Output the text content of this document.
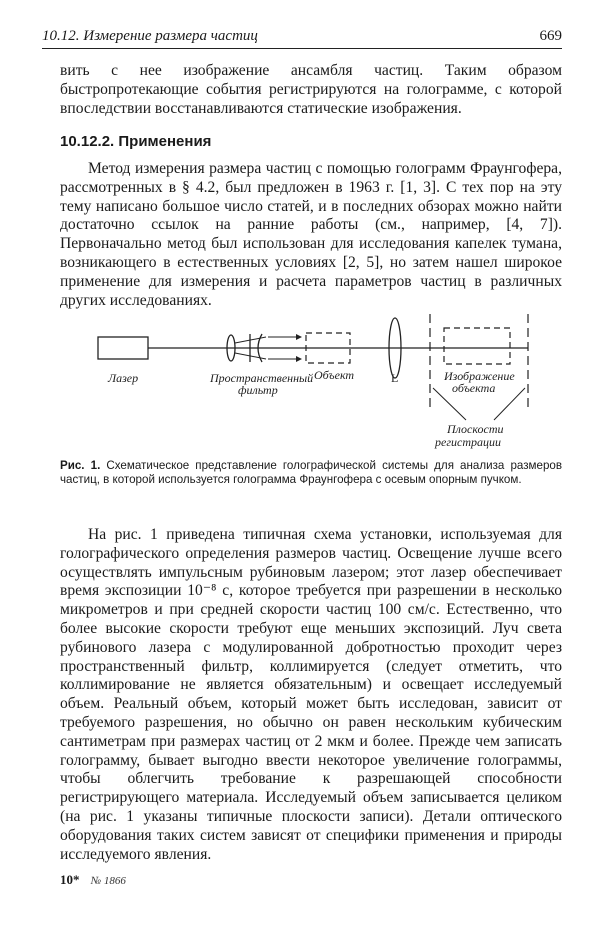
10.12. Измерение размера частиц	669

вить с нее изображение ансамбля частиц. Таким образом быстропротекающие события регистрируются на голограмме, с которой впоследствии восстанавливаются статические изображения.

10.12.2. Применения

Метод измерения размера частиц с помощью голограмм Фраунгофера, рассмотренных в § 4.2, был предложен в 1963 г. [1, 3]. С тех пор на эту тему написано большое число статей, и в последних обзорах можно найти достаточно ссылок на ранние работы (см., например, [4, 7]). Первоначально метод был использован для исследования капелек тумана, возникающего в естественных условиях [2, 5], но затем нашел широкое применение для измерения и расчета параметров частиц в различных других исследованиях.

Лазер	Пространственный
фильтр
Объект	L	Изображение
объекта
Плоскости
регистрации

Рис. 1. Схематическое представление голографической системы для анализа размеров частиц, в которой используется голограмма Фраунгофера с осевым опорным пучком.

На рис. 1 приведена типичная схема установки, используемая для голографического определения размеров частиц. Освещение лучше всего осуществлять импульсным рубиновым лазером; этот лазер обеспечивает время экспозиции 10⁻⁸ с, которое требуется при разрешении в несколько микрометров и при средней скорости частиц 100 см/с. Естественно, что более высокие скорости требуют еще меньших экспозиций. Луч света рубинового лазера с модулированной добротностью проходит через пространственный фильтр, коллимируется (следует отметить, что коллимирование не является обязательным) и освещает исследуемый объем. Реальный объем, который может быть исследован, зависит от требуемого разрешения, но обычно он равен нескольким кубическим сантиметрам при размерах частиц от 2 мкм и более. Прежде чем записать голограмму, бывает выгодно ввести некоторое увеличение голограммы, чтобы облегчить требование к разрешающей способности регистрирующего материала. Исследуемый объем записывается целиком (на рис. 1 указаны типичные плоскости записи). Детали оптического оборудования таких систем зависят от специфики применения и природы исследуемого явления.

10* № 1866
